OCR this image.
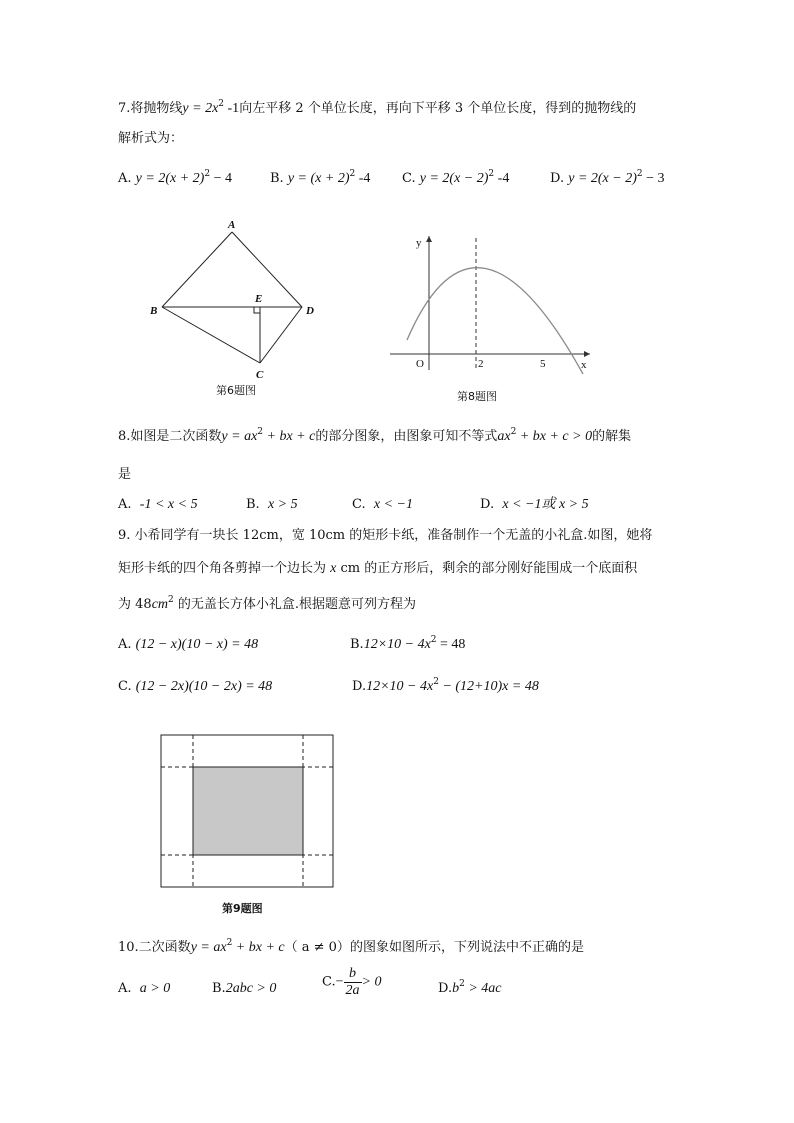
7.将抛物线$y = 2x^2$ -1向左平移 2 个单位长度，再向下平移 3 个单位长度，得到的抛物线的
解析式为：
A. $y = 2(x + 2)^2 - 4$	B. $y = (x + 2)^2$ -4 C. $y = 2(x - 2)^2$ -4	D. $y = 2(x - 2)^2 - 3$
A
B
E
D
C
第6题图
y
x
O	2	5
第8题图
8.如图是二次函数$y = ax^2$ + bx + c的部分图象，由图象可知不等式$ax^2$ + bx + c > 0的解集
是
A. -1 < x < 5	B. x > 5	C. x < −1	D. x < −1或 x > 5
9. 小希同学有一块长 12cm，宽 10cm 的矩形卡纸，准备制作一个无盖的小礼盒.如图，她将
矩形卡纸的四个角各剪掉一个边长为 x cm 的正方形后，剩余的部分刚好能围成一个底面积
为 $48cm^2$ 的无盖长方体小礼盒.根据题意可列方程为
A. (12 − x)(10 − x) = 48	$B.12\times 10 - 4x^2 = 48$
C. (12 − 2x)(10 − 2x) = 48	$D.12\times 10 - 4x^2 - (12+10)x = 48$
第9题图
10.二次函数$y = ax^2$ + bx + c（ a ≠ 0）的图象如图所示，下列说法中不正确的是
A. a > 0	B.2abc > 0	$C.- \frac{b}{2a} > 0$	$D.b^2 > 4ac$
